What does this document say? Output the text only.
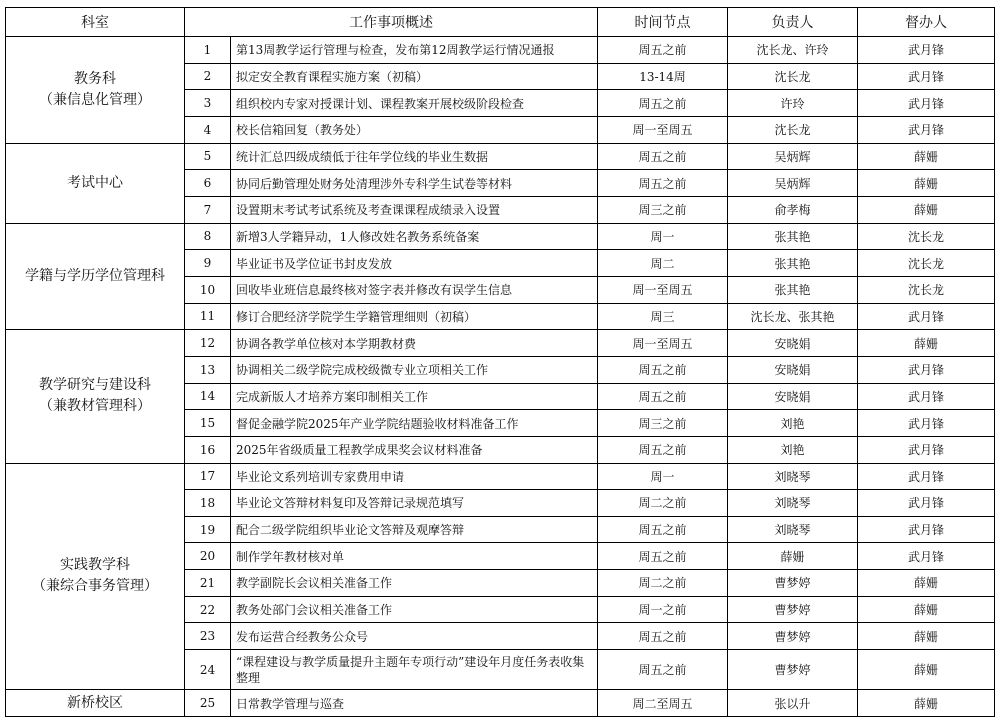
科室	工作事项概述		时间节点	负责人	督办人

教务科
（兼信息化管理）	1	第13周教学运行管理与检查，发布第12周教学运行情况通报	周五之前	沈长龙、许玲	武月锋
	2	拟定安全教育课程实施方案（初稿）	13-14周	沈长龙	武月锋
	3	组织校内专家对授课计划、课程教案开展校级阶段检查	周五之前	许玲	武月锋
	4	校长信箱回复（教务处）	周一至周五	沈长龙	武月锋

考试中心	5	统计汇总四级成绩低于往年学位线的毕业生数据	周五之前	吴炳辉	薛姗
	6	协同后勤管理处财务处清理涉外专科学生试卷等材料	周五之前	吴炳辉	薛姗
	7	设置期末考试考试系统及考查课课程成绩录入设置	周三之前	俞孝梅	薛姗

学籍与学历学位管理科	8	新增3人学籍异动，1人修改姓名教务系统备案	周一	张其艳	沈长龙
	9	毕业证书及学位证书封皮发放	周二	张其艳	沈长龙
	10	回收毕业班信息最终核对签字表并修改有误学生信息	周一至周五	张其艳	沈长龙
	11	修订合肥经济学院学生学籍管理细则（初稿）	周三	沈长龙、张其艳	武月锋

教学研究与建设科
（兼教材管理科）	12	协调各教学单位核对本学期教材费	周一至周五	安晓娟	薛姗
	13	协调相关二级学院完成校级微专业立项相关工作	周五之前	安晓娟	武月锋
	14	完成新版人才培养方案印制相关工作	周五之前	安晓娟	武月锋
	15	督促金融学院2025年产业学院结题验收材料准备工作	周三之前	刘艳	武月锋
	16	2025年省级质量工程教学成果奖会议材料准备	周五之前	刘艳	武月锋

实践教学科
（兼综合事务管理）	17	毕业论文系列培训专家费用申请	周一	刘晓琴	武月锋
	18	毕业论文答辩材料复印及答辩记录规范填写	周二之前	刘晓琴	武月锋
	19	配合二级学院组织毕业论文答辩及观摩答辩	周五之前	刘晓琴	武月锋
	20	制作学年教材核对单	周五之前	薛姗	武月锋
	21	教学副院长会议相关准备工作	周二之前	曹梦婷	薛姗
	22	教务处部门会议相关准备工作	周一之前	曹梦婷	薛姗
	23	发布运营合经教务公众号	周五之前	曹梦婷	薛姗
	24	“课程建设与教学质量提升主题年专项行动”建设年月度任务表收集整理	周五之前	曹梦婷	薛姗

新桥校区	25	日常教学管理与巡查	周二至周五	张以升	薛姗
